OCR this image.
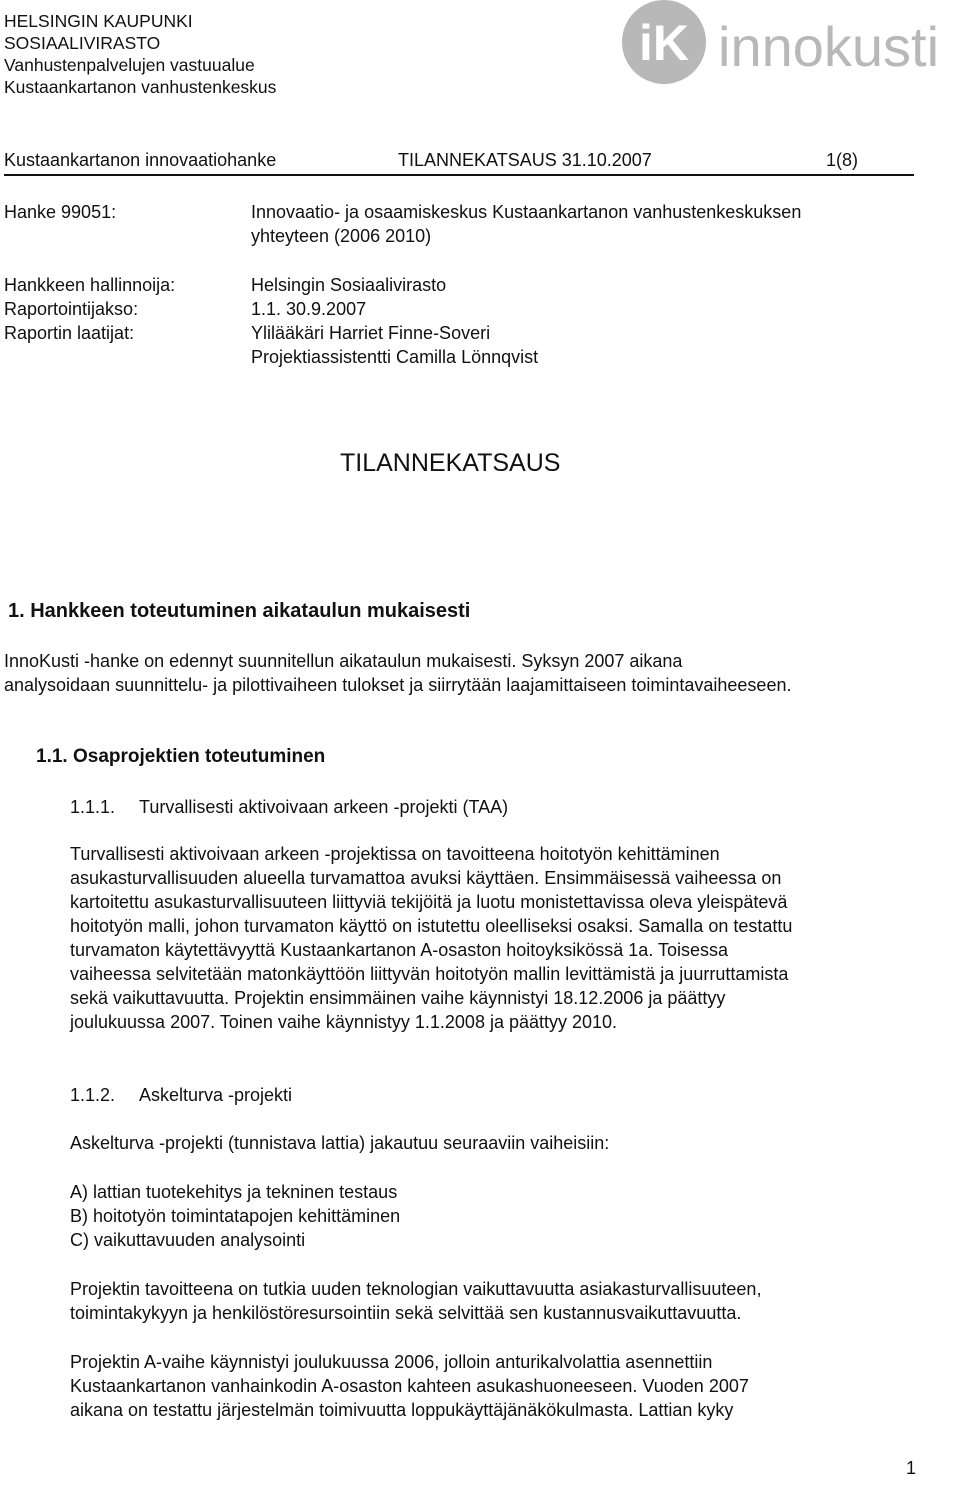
HELSINGIN KAUPUNKI
SOSIAALIVIRASTO
Vanhustenpalvelujen vastuualue
Kustaankartanon vanhustenkeskus
iK innokusti
Kustaankartanon innovaatiohanke	TILANNEKATSAUS 31.10.2007	1(8)
Hanke 99051:	Innovaatio- ja osaamiskeskus Kustaankartanon vanhustenkeskuksen
yhteyteen (2006 2010)
Hankkeen hallinnoija:	Helsingin Sosiaalivirasto
Raportointijakso:	1.1. 30.9.2007
Raportin laatijat:	Ylilääkäri Harriet Finne-Soveri
Projektiassistentti Camilla Lönnqvist
TILANNEKATSAUS
1. Hankkeen toteutuminen aikataulun mukaisesti
InnoKusti -hanke on edennyt suunnitellun aikataulun mukaisesti. Syksyn 2007 aikana
analysoidaan suunnittelu- ja pilottivaiheen tulokset ja siirrytään laajamittaiseen toimintavaiheeseen.
1.1. Osaprojektien toteutuminen
1.1.1. Turvallisesti aktivoivaan arkeen -projekti (TAA)
Turvallisesti aktivoivaan arkeen -projektissa on tavoitteena hoitotyön kehittäminen
asukasturvallisuuden alueella turvamattoa avuksi käyttäen. Ensimmäisessä vaiheessa on
kartoitettu asukasturvallisuuteen liittyviä tekijöitä ja luotu monistettavissa oleva yleispätevä
hoitotyön malli, johon turvamaton käyttö on istutettu oleelliseksi osaksi. Samalla on testattu
turvamaton käytettävyyttä Kustaankartanon A-osaston hoitoyksikössä 1a. Toisessa
vaiheessa selvitetään matonkäyttöön liittyvän hoitotyön mallin levittämistä ja juurruttamista
sekä vaikuttavuutta. Projektin ensimmäinen vaihe käynnistyi 18.12.2006 ja päättyy
joulukuussa 2007. Toinen vaihe käynnistyy 1.1.2008 ja päättyy 2010.
1.1.2. Askelturva -projekti
Askelturva -projekti (tunnistava lattia) jakautuu seuraaviin vaiheisiin:
A) lattian tuotekehitys ja tekninen testaus
B) hoitotyön toimintatapojen kehittäminen
C) vaikuttavuuden analysointi
Projektin tavoitteena on tutkia uuden teknologian vaikuttavuutta asiakasturvallisuuteen,
toimintakykyyn ja henkilöstöresursointiin sekä selvittää sen kustannusvaikuttavuutta.
Projektin A-vaihe käynnistyi joulukuussa 2006, jolloin anturikalvolattia asennettiin
Kustaankartanon vanhainkodin A-osaston kahteen asukashuoneeseen. Vuoden 2007
aikana on testattu järjestelmän toimivuutta loppukäyttäjänäkökulmasta. Lattian kyky
1
